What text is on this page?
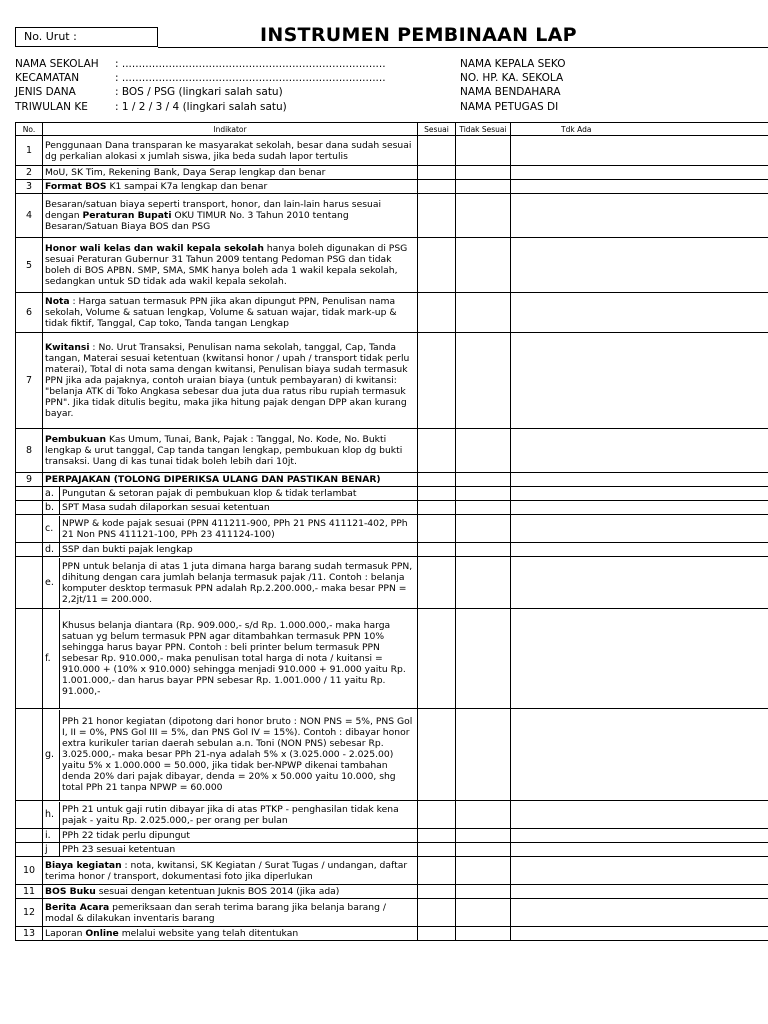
No. Urut :	INSTRUMEN PEMBINAAN LAP
NAMA SEKOLAH : ...............................................................................
KECAMATAN	: ...............................................................................
JENIS DANA	: BOS / PSG (lingkari salah satu)
TRIWULAN KE	: 1 / 2 / 3 / 4 (lingkari salah satu)
NAMA KEPALA SEKO
NO. HP. KA. SEKOLA
NAMA BENDAHARA
NAMA PETUGAS DI
No.	Indikator	Sesuai	Tidak Sesuai	Tdk Ada
1	Penggunaan Dana transparan ke masyarakat sekolah, besar dana sudah sesuai dg perkalian alokasi x jumlah siswa, jika beda sudah lapor tertulis			
2	MoU, SK Tim, Rekening Bank, Daya Serap lengkap dan benar			
3	Format BOS K1 sampai K7a lengkap dan benar			
4	Besaran/satuan biaya seperti transport, honor, dan lain-lain harus sesuai dengan Peraturan Bupati OKU TIMUR No. 3 Tahun 2010 tentang Besaran/Satuan Biaya BOS dan PSG			
5	Honor wali kelas dan wakil kepala sekolah hanya boleh digunakan di PSG sesuai Peraturan Gubernur 31 Tahun 2009 tentang Pedoman PSG dan tidak boleh di BOS APBN. SMP, SMA, SMK hanya boleh ada 1 wakil kepala sekolah, sedangkan untuk SD tidak ada wakil kepala sekolah.			
6	Nota : Harga satuan termasuk PPN jika akan dipungut PPN, Penulisan nama sekolah, Volume & satuan lengkap, Volume & satuan wajar, tidak mark-up & tidak fiktif, Tanggal, Cap toko, Tanda tangan Lengkap			
7	Kwitansi : No. Urut Transaksi, Penulisan nama sekolah, tanggal, Cap, Tanda tangan, Materai sesuai ketentuan (kwitansi honor / upah / transport tidak perlu materai), Total di nota sama dengan kwitansi, Penulisan biaya sudah termasuk PPN jika ada pajaknya, contoh uraian biaya (untuk pembayaran) di kwitansi: "belanja ATK di Toko Angkasa sebesar dua juta dua ratus ribu rupiah termasuk PPN". Jika tidak ditulis begitu, maka jika hitung pajak dengan DPP akan kurang bayar.			
8	Pembukuan Kas Umum, Tunai, Bank, Pajak : Tanggal, No. Kode, No. Bukti lengkap & urut tanggal, Cap tanda tangan lengkap, pembukuan klop dg bukti transaksi. Uang di kas tunai tidak boleh lebih dari 10jt.			
9	PERPAJAKAN (TOLONG DIPERIKSA ULANG DAN PASTIKAN BENAR)			

a. Pungutan & setoran pajak di pembukuan klop & tidak terlambat			

b. SPT Masa sudah dilaporkan sesuai ketentuan			

c. NPWP & kode pajak sesuai (PPN 411211-900, PPh 21 PNS 411121-402, PPh 21 Non PNS 411121-100, PPh 23 411124-100)			

d. SSP dan bukti pajak lengkap			

e.
PPN untuk belanja di atas 1 juta dimana harga barang sudah termasuk PPN, dihitung dengan cara jumlah belanja termasuk pajak /11. Contoh : belanja komputer desktop termasuk PPN adalah Rp.2.200.000,- maka besar PPN = 2,2jt/11 = 200.000.			

f.
Khusus belanja diantara (Rp. 909.000,- s/d Rp. 1.000.000,- maka harga satuan yg belum termasuk PPN agar ditambahkan termasuk PPN 10% sehingga harus bayar PPN. Contoh : beli printer belum termasuk PPN sebesar Rp. 910.000,- maka penulisan total harga di nota / kuitansi = 910.000 + (10% x 910.000) sehingga menjadi 910.000 + 91.000 yaitu Rp. 1.001.000,- dan harus bayar PPN sebesar Rp. 1.001.000 / 11 yaitu Rp. 91.000,-			

g.
PPh 21 honor kegiatan (dipotong dari honor bruto : NON PNS = 5%, PNS Gol I, II = 0%, PNS Gol III = 5%, dan PNS Gol IV = 15%). Contoh : dibayar honor extra kurikuler tarian daerah sebulan a.n. Toni (NON PNS) sebesar Rp. 3.025.000,- maka besar PPh 21-nya adalah 5% x (3.025.000 - 2.025.00) yaitu 5% x 1.000.000 = 50.000, jika tidak ber-NPWP dikenai tambahan denda 20% dari pajak dibayar, denda = 20% x 50.000 yaitu 10.000, shg total PPh 21 tanpa NPWP = 60.000			

h. PPh 21 untuk gaji rutin dibayar jika di atas PTKP - penghasilan tidak kena pajak - yaitu Rp. 2.025.000,- per orang per bulan			

i. PPh 22 tidak perlu dipungut			

j PPh 23 sesuai ketentuan			

10	Biaya kegiatan : nota, kwitansi, SK Kegiatan / Surat Tugas / undangan, daftar terima honor / transport, dokumentasi foto jika diperlukan			
11	BOS Buku sesuai dengan ketentuan Juknis BOS 2014 (jika ada)			
12	Berita Acara pemeriksaan dan serah terima barang jika belanja barang / modal & dilakukan inventaris barang			
13	Laporan Online melalui website yang telah ditentukan			
